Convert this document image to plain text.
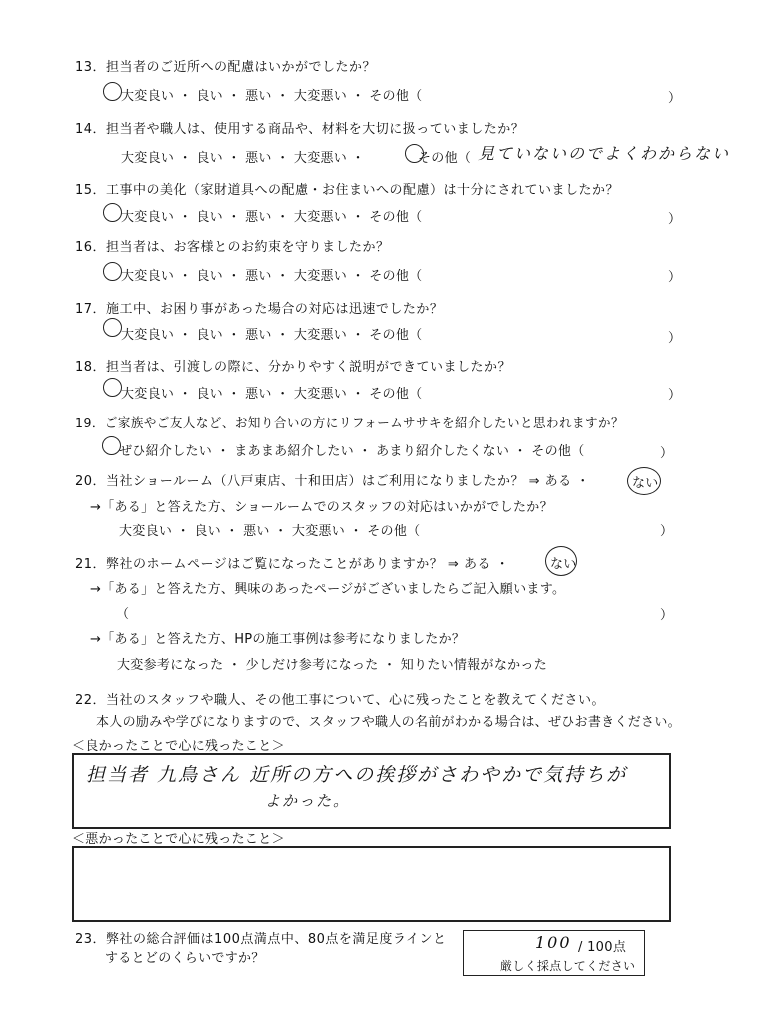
13．担当者のご近所への配慮はいかがでしたか？
大変良い ・ 良い ・ 悪い ・ 大変悪い ・ その他（	）
14．担当者や職人は、使用する商品や、材料を大切に扱っていましたか？
大変良い ・ 良い ・ 悪い ・ 大変悪い ・	その他（ 見ていないのでよくわからない
15．工事中の美化（家財道具への配慮・お住まいへの配慮）は十分にされていましたか？
大変良い ・ 良い ・ 悪い ・ 大変悪い ・ その他（	）
16．担当者は、お客様とのお約束を守りましたか？
大変良い ・ 良い ・ 悪い ・ 大変悪い ・ その他（	）
17．施工中、お困り事があった場合の対応は迅速でしたか？
大変良い ・ 良い ・ 悪い ・ 大変悪い ・ その他（	）
18．担当者は、引渡しの際に、分かりやすく説明ができていましたか？
大変良い ・ 良い ・ 悪い ・ 大変悪い ・ その他（	）
19．ご家族やご友人など、お知り合いの方にリフォームササキを紹介したいと思われますか？
ぜひ紹介したい ・ まあまあ紹介したい ・ あまり紹介したくない ・ その他（	）
20．当社ショールーム（八戸東店、十和田店）はご利用になりましたか？ ⇒ ある ・	ない
→「ある」と答えた方、ショールームでのスタッフの対応はいかがでしたか？
大変良い ・ 良い ・ 悪い ・ 大変悪い ・ その他（	）
21．弊社のホームページはご覧になったことがありますか？ ⇒ ある ・	ない
→「ある」と答えた方、興味のあったページがございましたらご記入願います。
（	）
→「ある」と答えた方、HPの施工事例は参考になりましたか？
大変参考になった ・ 少しだけ参考になった ・ 知りたい情報がなかった
22．当社のスタッフや職人、その他工事について、心に残ったことを教えてください。
本人の励みや学びになりますので、スタッフや職人の名前がわかる場合は、ぜひお書きください。
＜良かったことで心に残ったこと＞
担当者 九鳥さん 近所の方への挨拶がさわやかで気持ちが
よかった。
＜悪かったことで心に残ったこと＞
23．弊社の総合評価は100点満点中、80点を満足度ラインと
するとどのくらいですか？
100 / 100点
厳しく採点してください
